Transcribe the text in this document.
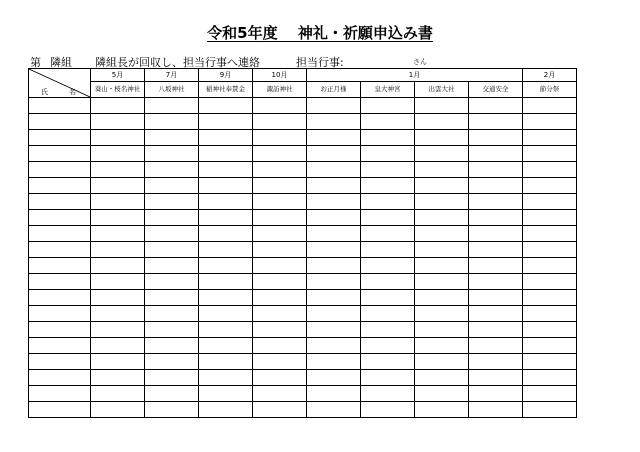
令和5年度　 神礼・祈願申込み書
第 隣組 隣組長が回収し、担当行事へ連絡	担当行事:	さん
氏 名	5月	7月	9月	10月	1月				2月
	葵山・桜名神社	八坂神社	稲神社奉賛金	諏訪神社	お正月様	皇大神宮	出雲大社	交通安全	節分祭
